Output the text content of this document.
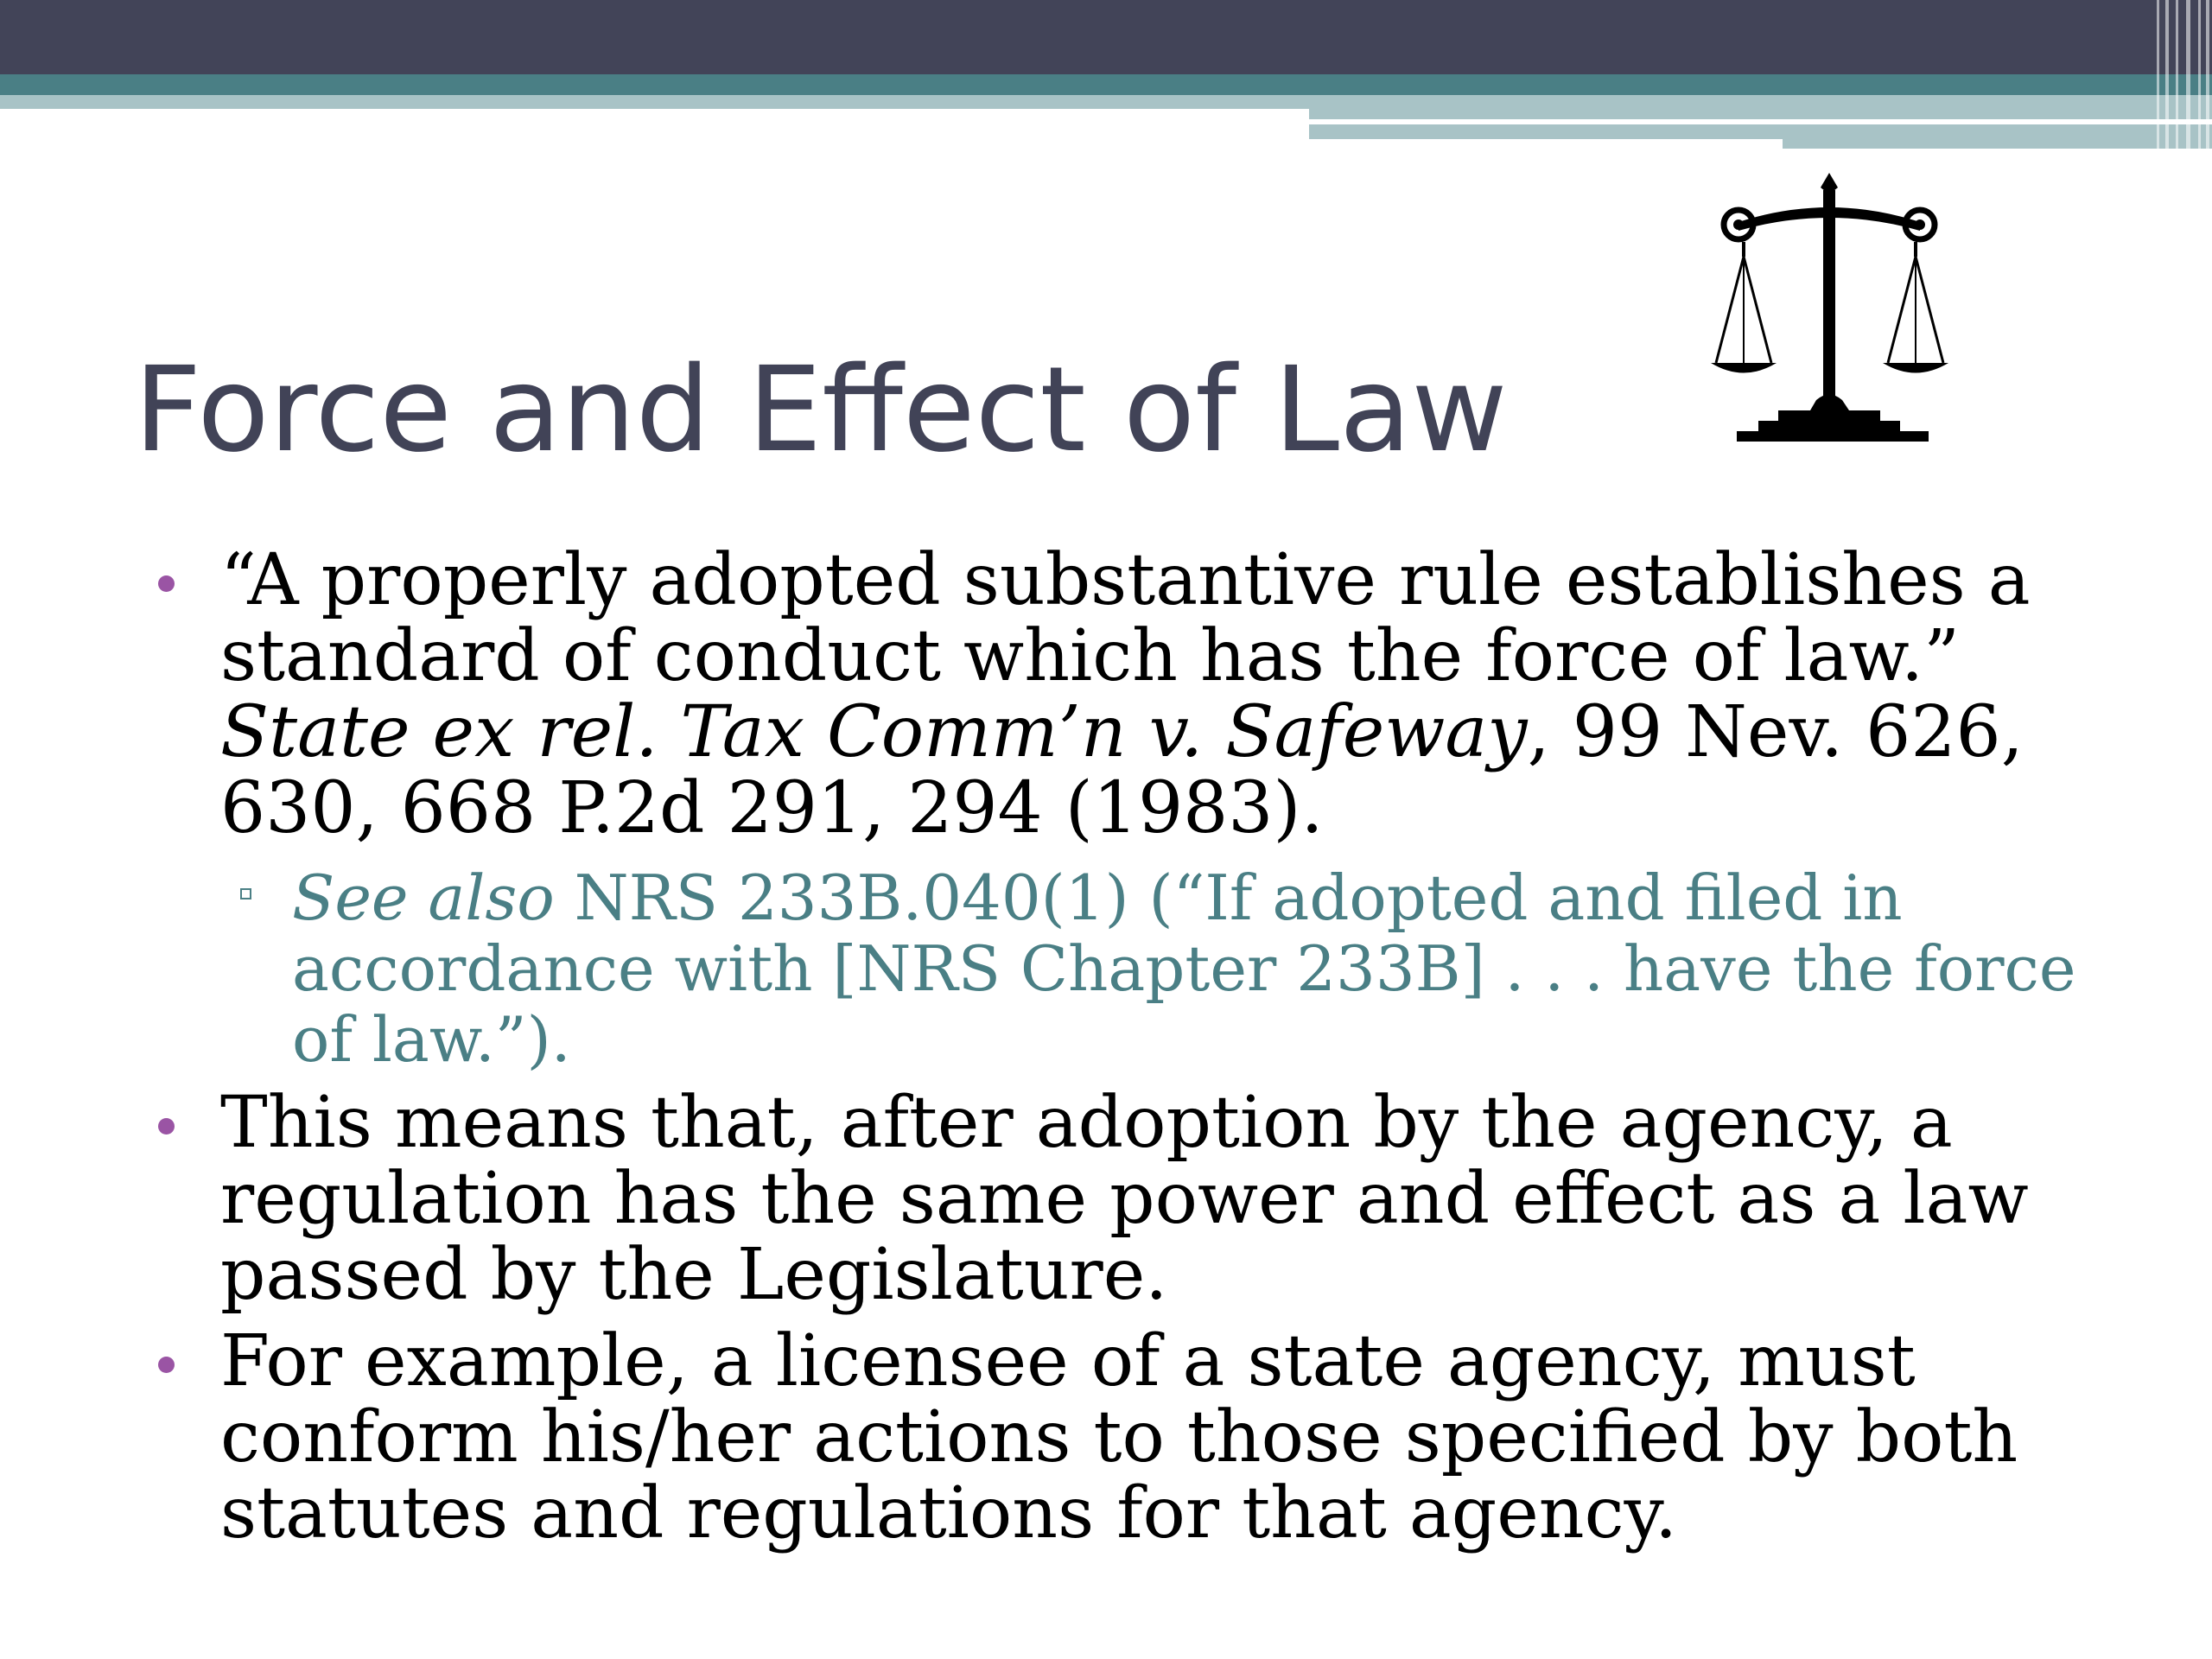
Force and Effect of Law

“A properly adopted substantive rule establishes a standard of conduct which has the force of law.”
State ex rel. Tax Comm’n v. Safeway, 99 Nev. 626, 630, 668 P.2d 291, 294 (1983).

See also NRS 233B.040(1) (“If adopted and filed in accordance with [NRS Chapter 233B] . . . have the force of law.”).

This means that, after adoption by the agency, a regulation has the same power and effect as a law passed by the Legislature.

For example, a licensee of a state agency, must conform his/her actions to those specified by both statutes and regulations for that agency.
